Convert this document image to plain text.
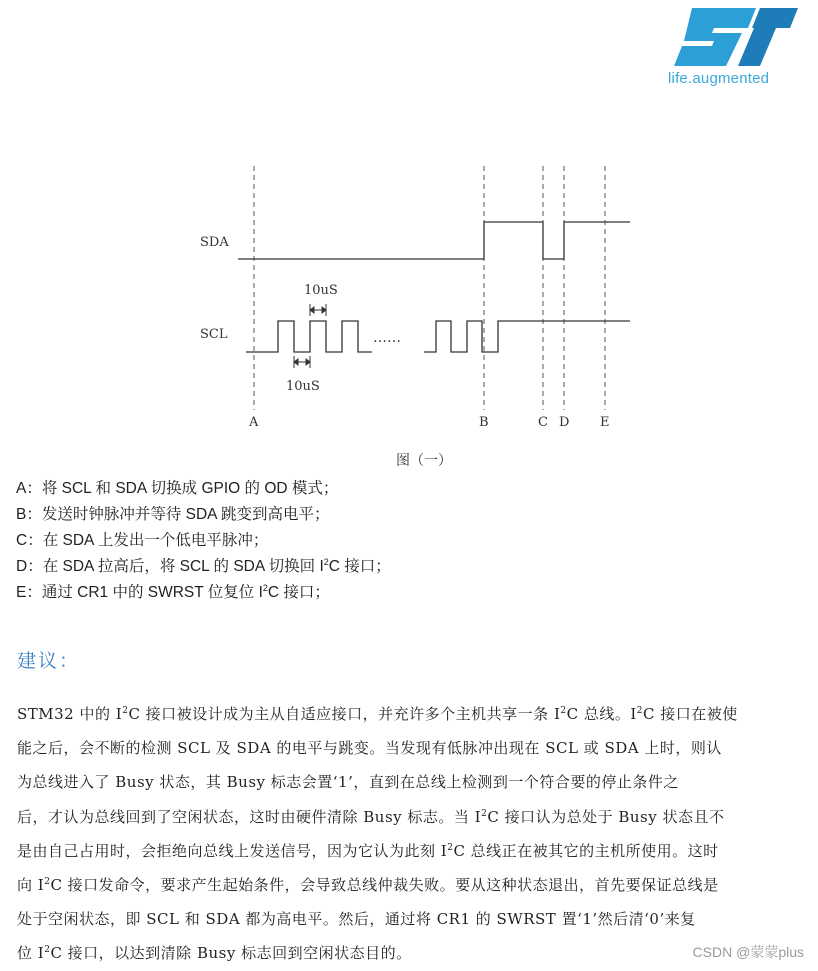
life.augmented
SDA
SCL
10uS
10uS
……
A	B	C D E
图（一）
A：将 SCL 和 SDA 切换成 GPIO 的 OD 模式；
B：发送时钟脉冲并等待 SDA 跳变到高电平；
C：在 SDA 上发出一个低电平脉冲；
D：在 SDA 拉高后，将 SCL 的 SDA 切换回 $I^2C$ 接口；
E：通过 CR1 中的 SWRST 位复位 $I^2C$ 接口；
建议：
STM32 中的 $I^2C$ 接口被设计成为主从自适应接口，并充许多个主机共享一条 $I^2C$ 总线。$I^2C$ 接口在被使
能之后，会不断的检测 SCL 及 SDA 的电平与跳变。当发现有低脉冲出现在 SCL 或 SDA 上时，则认
为总线进入了 Busy 状态，其 Busy 标志会置‘1’，直到在总线上检测到一个符合要的停止条件之
后，才认为总线回到了空闲状态，这时由硬件清除 Busy 标志。当 $I^2C$ 接口认为总处于 Busy 状态且不
是由自己占用时，会拒绝向总线上发送信号，因为它认为此刻 $I^2C$ 总线正在被其它的主机所使用。这时
向 $I^2C$ 接口发命令，要求产生起始条件，会导致总线仲裁失败。要从这种状态退出，首先要保证总线是
处于空闲状态，即 SCL 和 SDA 都为高电平。然后，通过将 CR1 的 SWRST 置‘1’然后清‘0’来复
位 $I^2C$ 接口，以达到清除 Busy 标志回到空闲状态目的。	CSDN @蒙蒙plus
